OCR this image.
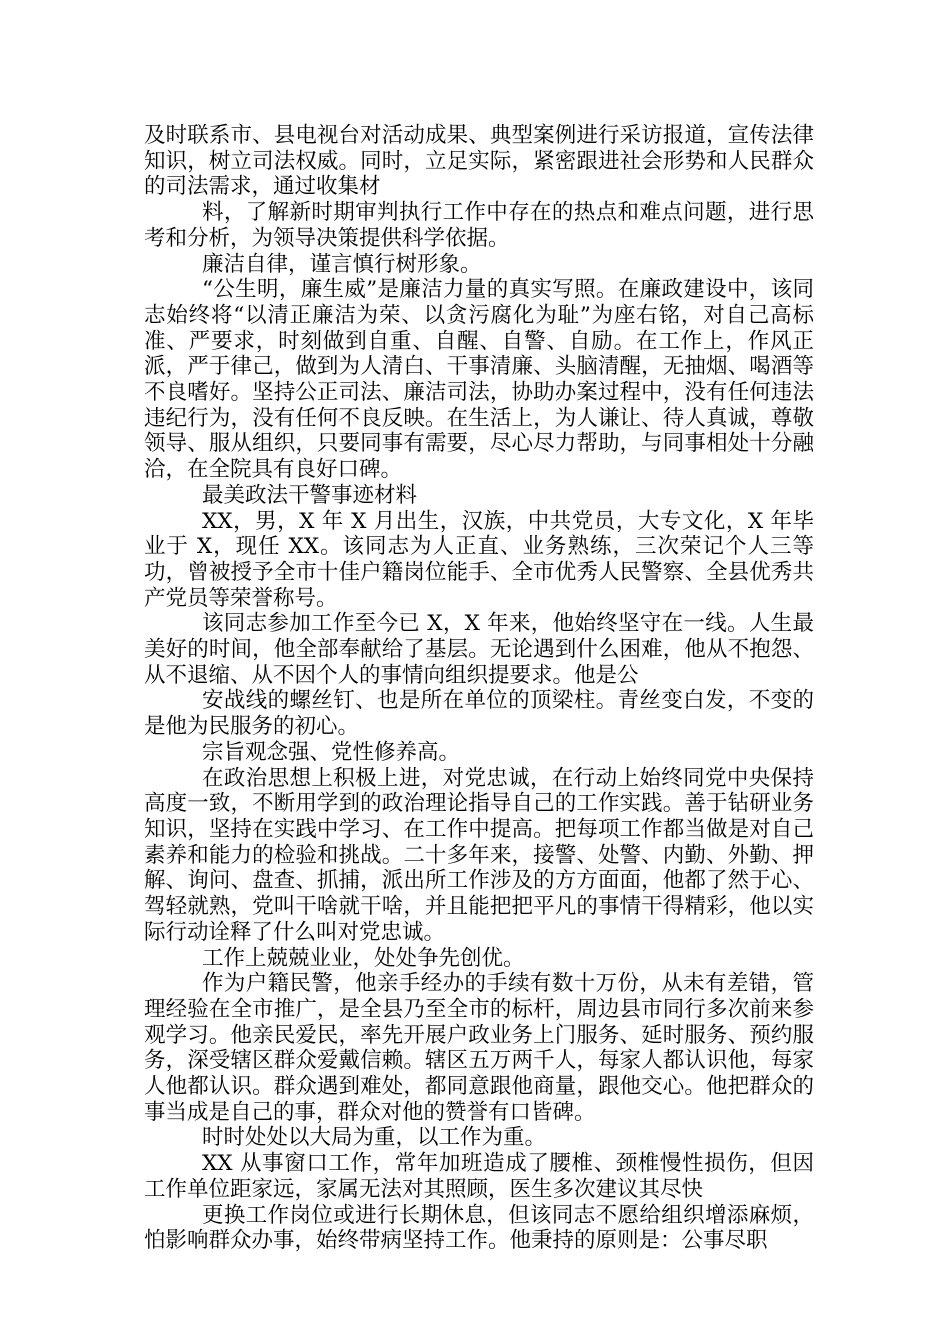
及时联系市、县电视台对活动成果、典型案例进行采访报道，宣传法律知识，树立司法权威。同时，立足实际，紧密跟进社会形势和人民群众的司法需求，通过收集材

料，了解新时期审判执行工作中存在的热点和难点问题，进行思考和分析，为领导决策提供科学依据。

廉洁自律，谨言慎行树形象。

“公生明，廉生威”是廉洁力量的真实写照。在廉政建设中，该同志始终将“以清正廉洁为荣、以贪污腐化为耻”为座右铭，对自己高标准、严要求，时刻做到自重、自醒、自警、自励。在工作上，作风正派，严于律己，做到为人清白、干事清廉、头脑清醒，无抽烟、喝酒等不良嗜好。坚持公正司法、廉洁司法，协助办案过程中，没有任何违法违纪行为，没有任何不良反映。在生活上，为人谦让、待人真诚，尊敬领导、服从组织，只要同事有需要，尽心尽力帮助，与同事相处十分融洽，在全院具有良好口碑。

最美政法干警事迹材料

XX，男，X 年 X 月出生，汉族，中共党员，大专文化，X 年毕业于 X，现任 XX。该同志为人正直、业务熟练，三次荣记个人三等功，曾被授予全市十佳户籍岗位能手、全市优秀人民警察、全县优秀共产党员等荣誉称号。

该同志参加工作至今已 X，X 年来，他始终坚守在一线。人生最美好的时间，他全部奉献给了基层。无论遇到什么困难，他从不抱怨、从不退缩、从不因个人的事情向组织提要求。他是公

安战线的螺丝钉、也是所在单位的顶梁柱。青丝变白发，不变的是他为民服务的初心。

宗旨观念强、党性修养高。

在政治思想上积极上进，对党忠诚，在行动上始终同党中央保持高度一致，不断用学到的政治理论指导自己的工作实践。善于钻研业务知识，坚持在实践中学习、在工作中提高。把每项工作都当做是对自己素养和能力的检验和挑战。二十多年来，接警、处警、内勤、外勤、押解、询问、盘查、抓捕，派出所工作涉及的方方面面，他都了然于心、驾轻就熟，党叫干啥就干啥，并且能把把平凡的事情干得精彩，他以实际行动诠释了什么叫对党忠诚。

工作上兢兢业业，处处争先创优。

作为户籍民警，他亲手经办的手续有数十万份，从未有差错，管理经验在全市推广，是全县乃至全市的标杆，周边县市同行多次前来参观学习。他亲民爱民，率先开展户政业务上门服务、延时服务、预约服务，深受辖区群众爱戴信赖。辖区五万两千人，每家人都认识他，每家人他都认识。群众遇到难处，都同意跟他商量，跟他交心。他把群众的事当成是自己的事，群众对他的赞誉有口皆碑。

时时处处以大局为重，以工作为重。

XX 从事窗口工作，常年加班造成了腰椎、颈椎慢性损伤，但因工作单位距家远，家属无法对其照顾，医生多次建议其尽快

更换工作岗位或进行长期休息，但该同志不愿给组织增添麻烦，怕影响群众办事，始终带病坚持工作。他秉持的原则是：公事尽职
